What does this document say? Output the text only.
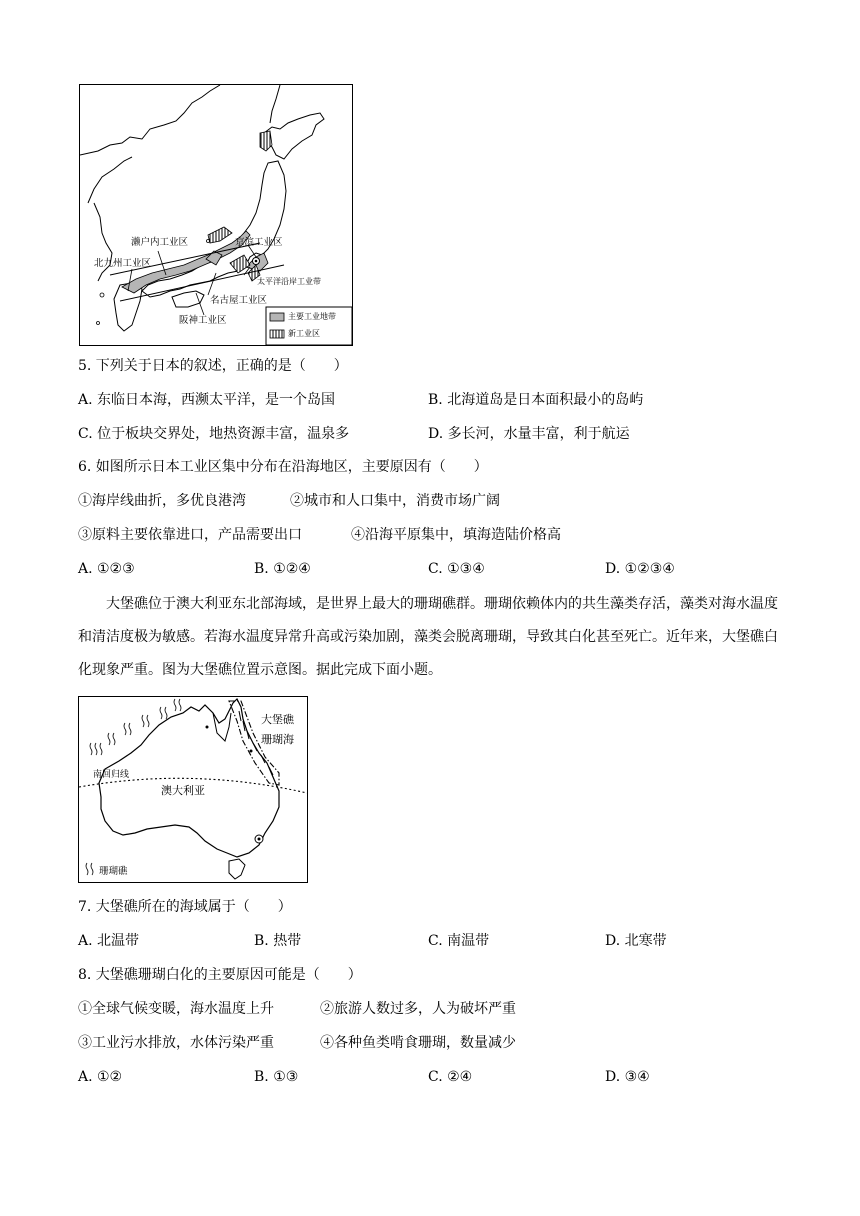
濑户内工业区	京滨工业区
北九州工业区
太平洋沿岸工业带
名古屋工业区
阪神工业区	主要工业地带
新工业区
5. 下列关于日本的叙述，正确的是（　　）
A. 东临日本海，西濒太平洋，是一个岛国	B. 北海道岛是日本面积最小的岛屿
C. 位于板块交界处，地热资源丰富，温泉多	D. 多长河，水量丰富，利于航运
6. 如图所示日本工业区集中分布在沿海地区，主要原因有（　　）
①海岸线曲折，多优良港湾	②城市和人口集中，消费市场广阔
③原料主要依靠进口，产品需要出口	④沿海平原集中，填海造陆价格高
A. ①②③	B. ①②④	C. ①③④	D. ①②③④
大堡礁位于澳大利亚东北部海域，是世界上最大的珊瑚礁群。珊瑚依赖体内的共生藻类存活，藻类对海水温度和清洁度极为敏感。若海水温度异常升高或污染加剧，藻类会脱离珊瑚，导致其白化甚至死亡。近年来，大堡礁白化现象严重。图为大堡礁位置示意图。据此完成下面小题。
大堡礁
珊瑚海
南回归线
澳大利亚
珊瑚礁
7. 大堡礁所在的海域属于（　　）
A. 北温带	B. 热带	C. 南温带	D. 北寒带
8. 大堡礁珊瑚白化的主要原因可能是（　　）
①全球气候变暖，海水温度上升	②旅游人数过多，人为破坏严重
③工业污水排放，水体污染严重	④各种鱼类啃食珊瑚，数量减少
A. ①②	B. ①③	C. ②④	D. ③④
